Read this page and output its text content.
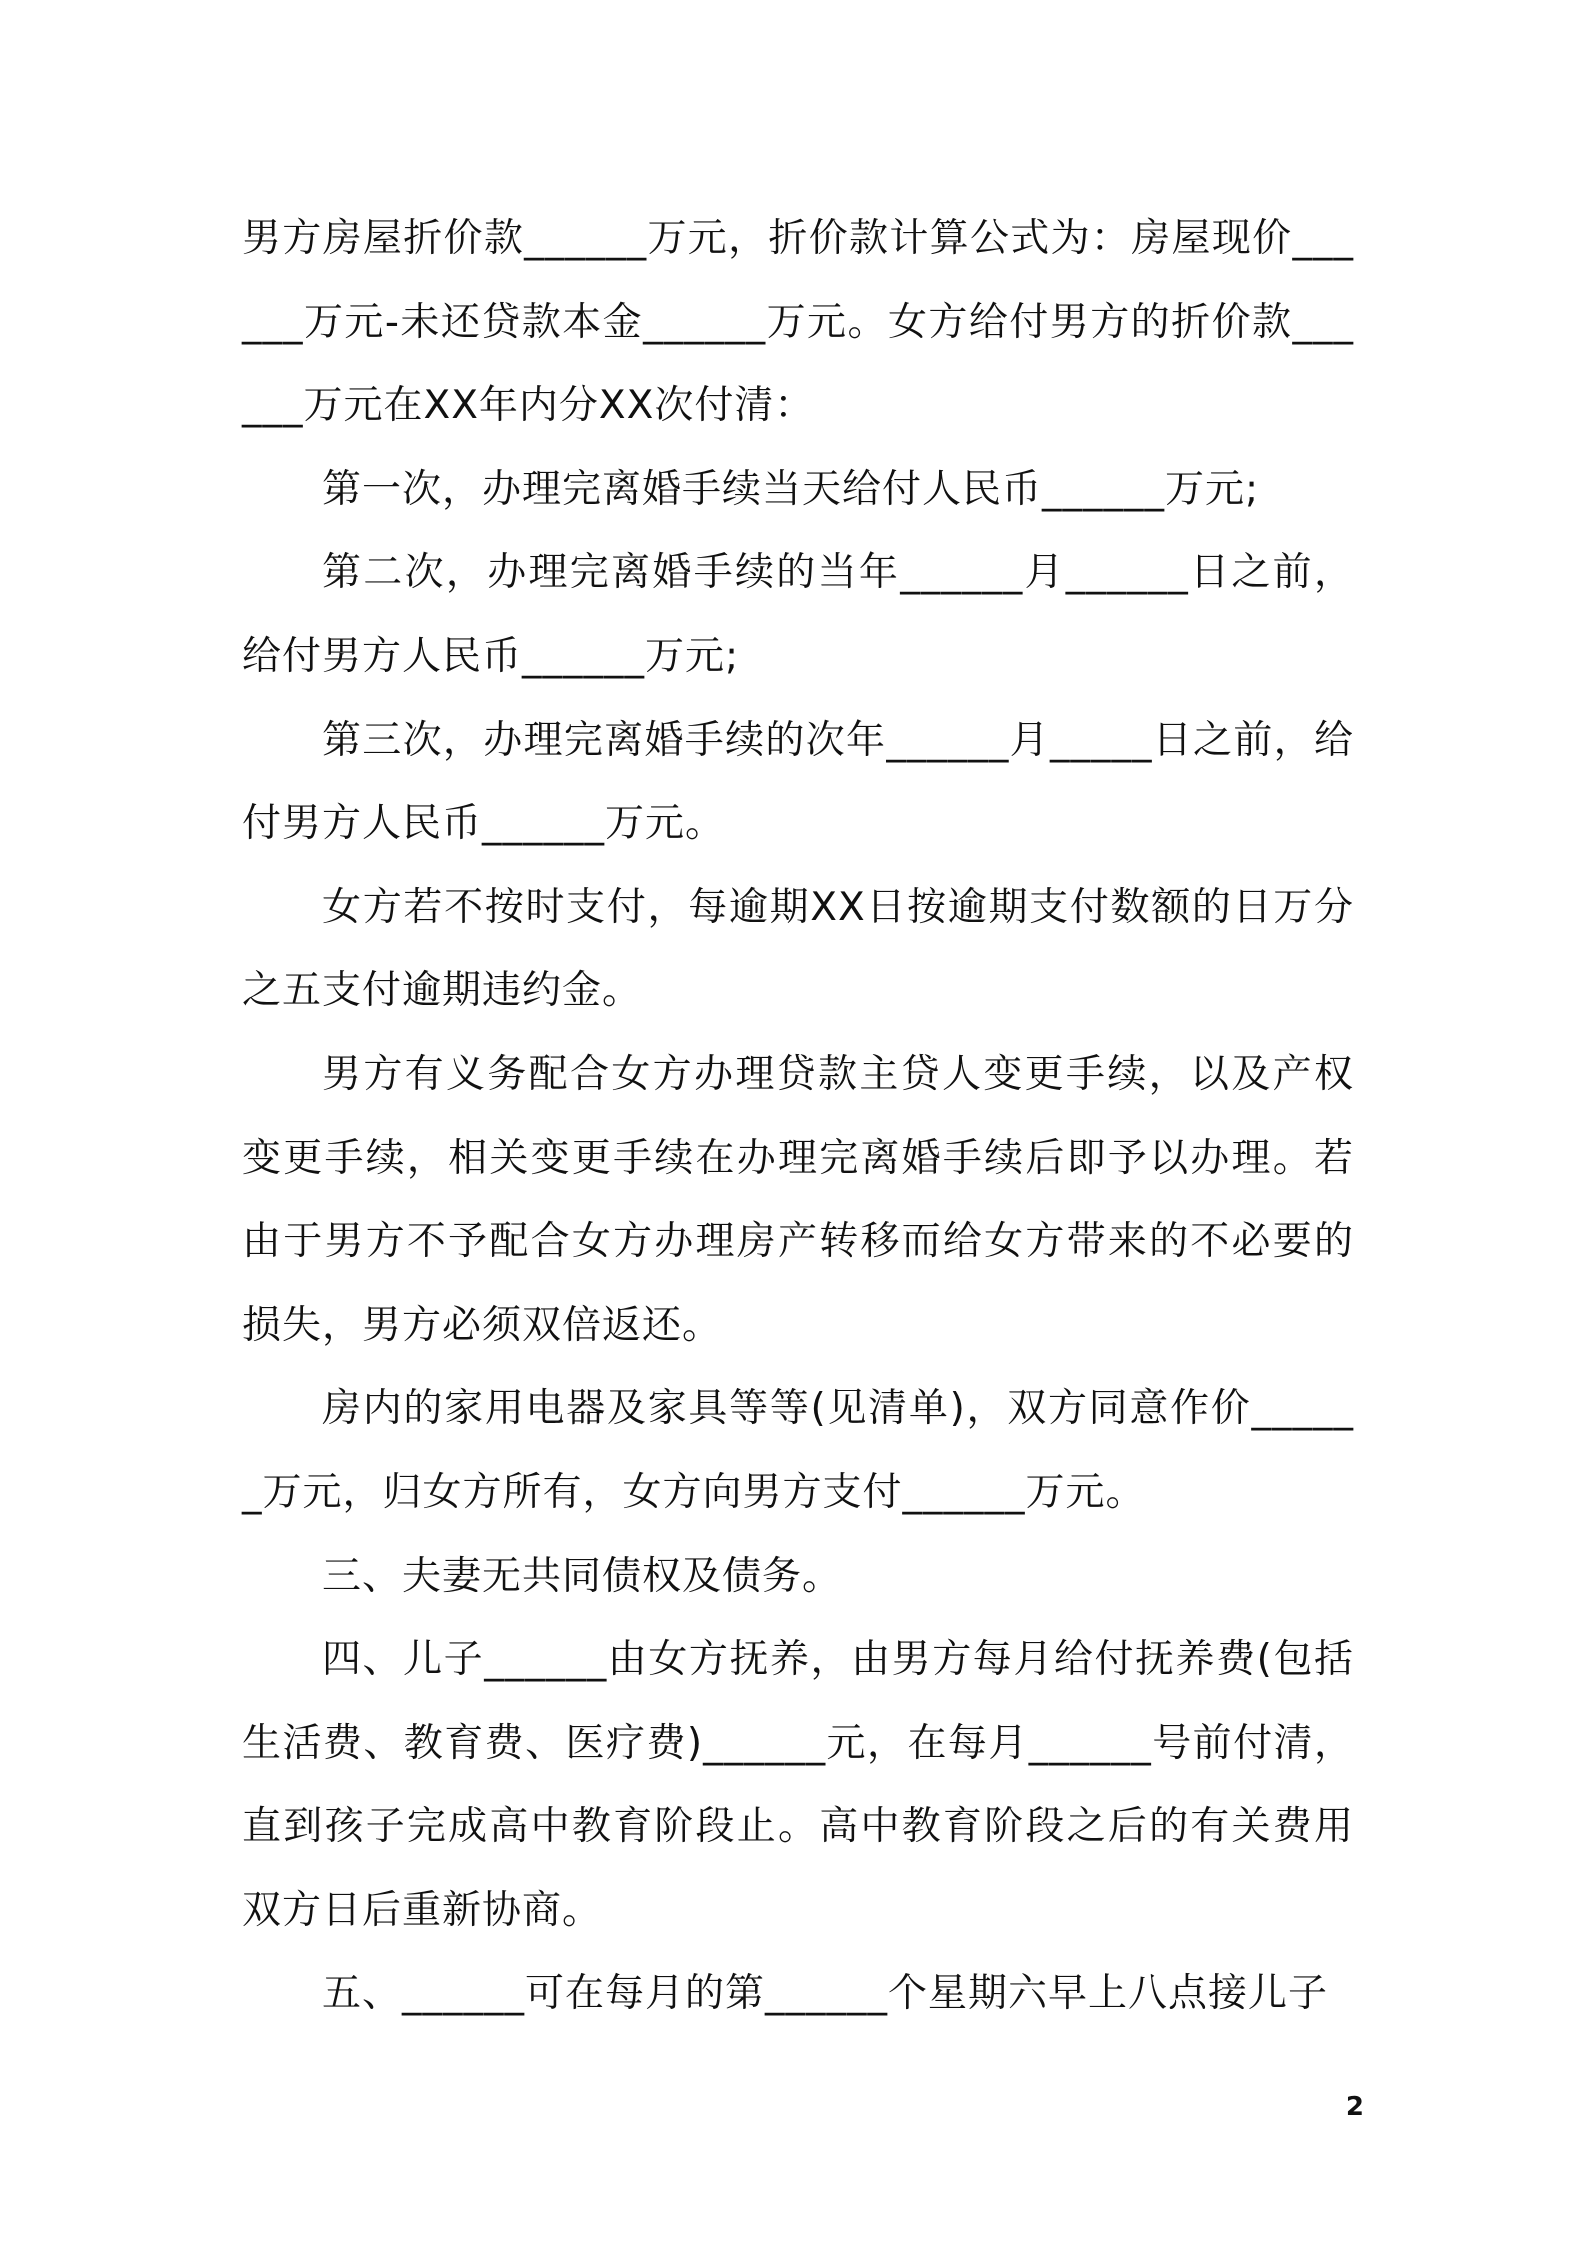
男方房屋折价款______万元，折价款计算公式为：房屋现价______万元-未还贷款本金______万元。女方给付男方的折价款______万元在XX年内分XX次付清：

第一次，办理完离婚手续当天给付人民币______万元;

第二次，办理完离婚手续的当年______月______日之前，给付男方人民币______万元;

第三次，办理完离婚手续的次年______月_____日之前，给付男方人民币______万元。

女方若不按时支付，每逾期XX日按逾期支付数额的日万分之五支付逾期违约金。

男方有义务配合女方办理贷款主贷人变更手续，以及产权变更手续，相关变更手续在办理完离婚手续后即予以办理。若由于男方不予配合女方办理房产转移而给女方带来的不必要的损失，男方必须双倍返还。

房内的家用电器及家具等等(见清单)，双方同意作价______万元，归女方所有，女方向男方支付______万元。

三、夫妻无共同债权及债务。

四、儿子______由女方抚养，由男方每月给付抚养费(包括生活费、教育费、医疗费)______元，在每月______号前付清，直到孩子完成高中教育阶段止。高中教育阶段之后的有关费用双方日后重新协商。

五、______可在每月的第______个星期六早上八点接儿子

2
